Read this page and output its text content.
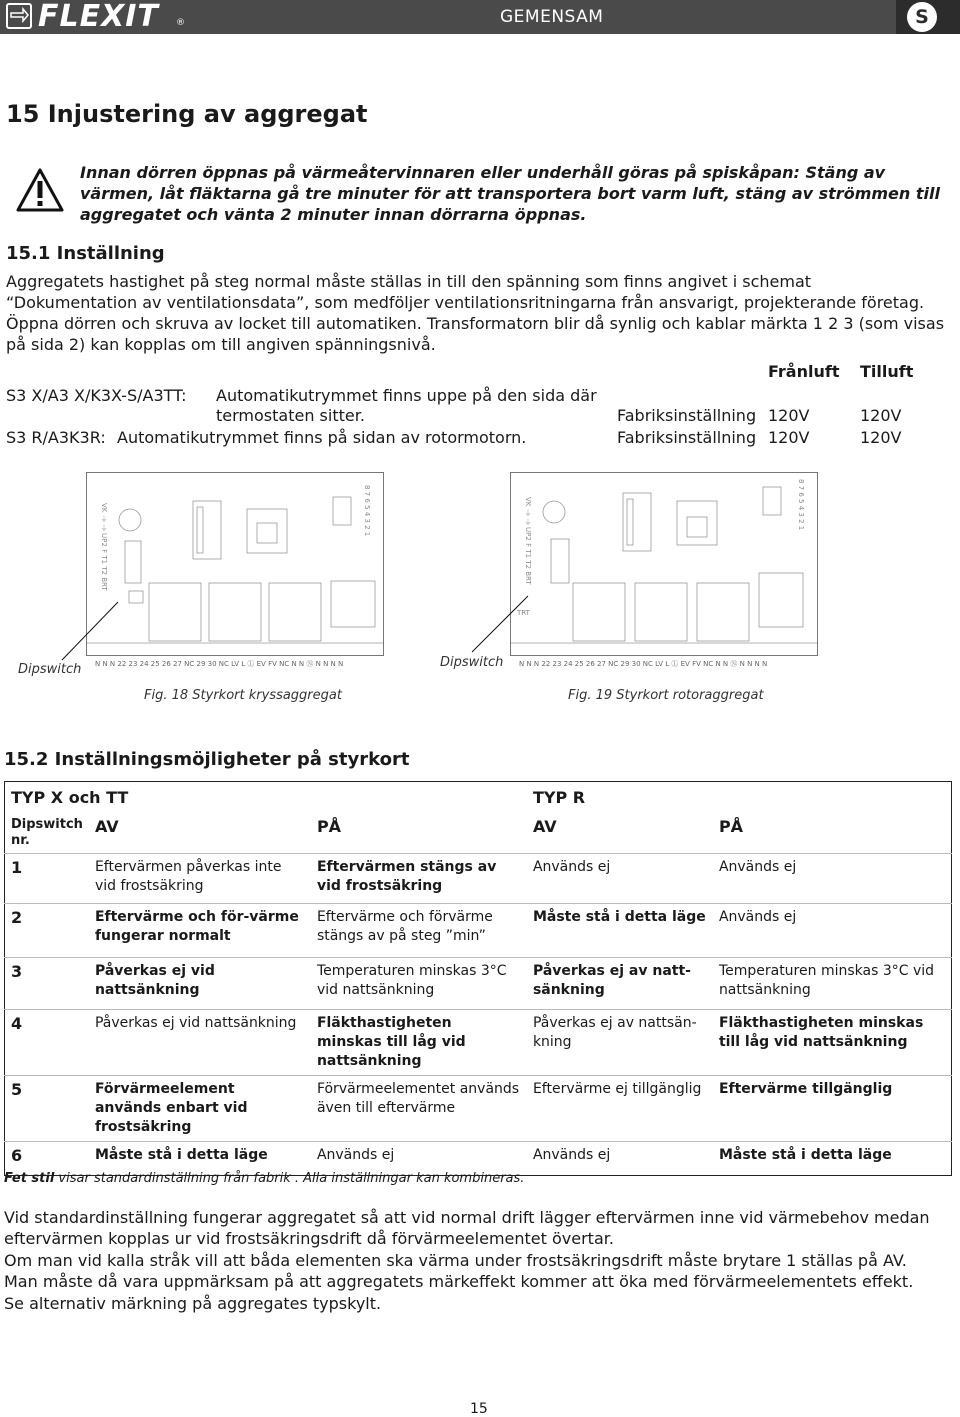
FLEXIT ®	GEMENSAM	S
15 Injustering av aggregat
Innan dörren öppnas på värmeåtervinnaren eller underhåll göras på spiskåpan: Stäng av värmen, låt fläktarna gå tre minuter för att transportera bort varm luft, stäng av strömmen till aggregatet och vänta 2 minuter innan dörrarna öppnas.
15.1 Inställning
Aggregatets hastighet på steg normal måste ställas in till den spänning som finns angivet i schemat “Dokumentation av ventilationsdata”, som medföljer ventilationsritningarna från ansvarigt, projekterande företag. Öppna dörren och skruva av locket till automatiken. Transformatorn blir då synlig och kablar märkta 1 2 3 (som visas på sida 2) kan kopplas om till angiven spänningsnivå.
Frånluft Tilluft
S3 X/A3 X/K3X-S/A3TT: Automatikutrymmet finns uppe på den sida där
termostaten sitter.	Fabriksinställning 120V	120V
S3 R/A3K3R: Automatikutrymmet finns på sidan av rotormotorn.	Fabriksinställning 120V	120V
VK ⏚ ⏚ UP2 F T1 T2 BRT	8 7 6 5 4 3 2 1
N N N 22 23 24 25 26 27 NC 29 30 NC LV L Ⓛ EV FV NC N N Ⓝ N N N N
Dipswitch
Fig. 18 Styrkort kryssaggregat
VK ⏚ ⏚ UP2 F T1 T2 BRT	8 7 6 5 4 3 2 1
TRT
N N N 22 23 24 25 26 27 NC 29 30 NC LV L Ⓛ EV FV NC N N Ⓝ N N N N
Dipswitch
Fig. 19 Styrkort rotoraggregat
15.2 Inställningsmöjligheter på styrkort
TYP X och TT			TYP R	
Dipswitch nr.	AV	PÅ	AV	PÅ
1	Eftervärmen påverkas inte vid frostsäkring	Eftervärmen stängs av vid frostsäkring	Används ej	Används ej
2	Eftervärme och för-värme fungerar normalt	Eftervärme och förvärme stängs av på steg ”min”	Måste stå i detta läge	Används ej
3	Påverkas ej vid nattsänkning	Temperaturen minskas 3°C vid nattsänkning	Påverkas ej av natt-sänkning	Temperaturen minskas 3°C vid nattsänkning
4	Påverkas ej vid nattsänkning	Fläkthastigheten minskas till låg vid nattsänkning	Påverkas ej av nattsän-kning	Fläkthastigheten minskas till låg vid nattsänkning
5	Förvärmeelement används enbart vid frostsäkring	Förvärmeelementet används även till eftervärme	Eftervärme ej tillgänglig	Eftervärme tillgänglig
6	Måste stå i detta läge	Används ej	Används ej	Måste stå i detta läge
Fet stil visar standardinställning från fabrik . Alla inställningar kan kombineras.
Vid standardinställning fungerar aggregatet så att vid normal drift lägger eftervärmen inne vid värmebehov medan eftervärmen kopplas ur vid frostsäkringsdrift då förvärmeelementet övertar.
Om man vid kalla stråk vill att båda elementen ska värma under frostsäkringsdrift måste brytare 1 ställas på AV. Man måste då vara uppmärksam på att aggregatets märkeffekt kommer att öka med förvärmeelementets effekt.
Se alternativ märkning på aggregates typskylt.
15
